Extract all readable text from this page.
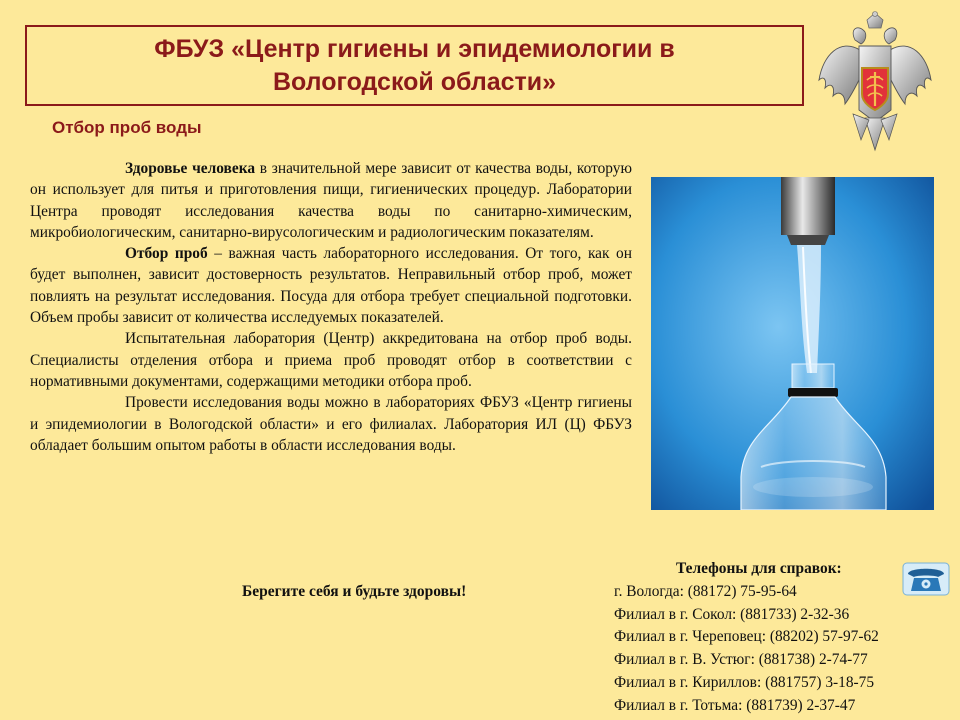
ФБУЗ «Центр гигиены и эпидемиологии в
Вологодской области»
Отбор проб воды

Здоровье человека в значительной мере зависит от качества воды, которую он использует для питья и приготовления пищи, гигиенических процедур. Лаборатории Центра проводят исследования качества воды по санитарно-химическим, микробиологическим, санитарно-вирусологическим и радиологическим показателям.

Отбор проб – важная часть лабораторного исследования. От того, как он будет выполнен, зависит достоверность результатов. Неправильный отбор проб, может повлиять на результат исследования. Посуда для отбора требует специальной подготовки. Объем пробы зависит от количества исследуемых показателей.

Испытательная лаборатория (Центр) аккредитована на отбор проб воды. Специалисты отделения отбора и приема проб проводят отбор в соответствии с нормативными документами, содержащими методики отбора проб.

Провести исследования воды можно в лабораториях ФБУЗ «Центр гигиены и эпидемиологии в Вологодской области» и его филиалах. Лаборатория ИЛ (Ц) ФБУЗ обладает большим опытом работы в области исследования воды.

Берегите себя и будьте здоровы!
Телефоны для справок:
г. Вологда: (88172) 75-95-64
Филиал в г. Сокол: (881733) 2-32-36
Филиал в г. Череповец: (88202) 57-97-62
Филиал в г. В. Устюг: (881738) 2-74-77
Филиал в г. Кириллов: (881757) 3-18-75
Филиал в г. Тотьма: (881739) 2-37-47
